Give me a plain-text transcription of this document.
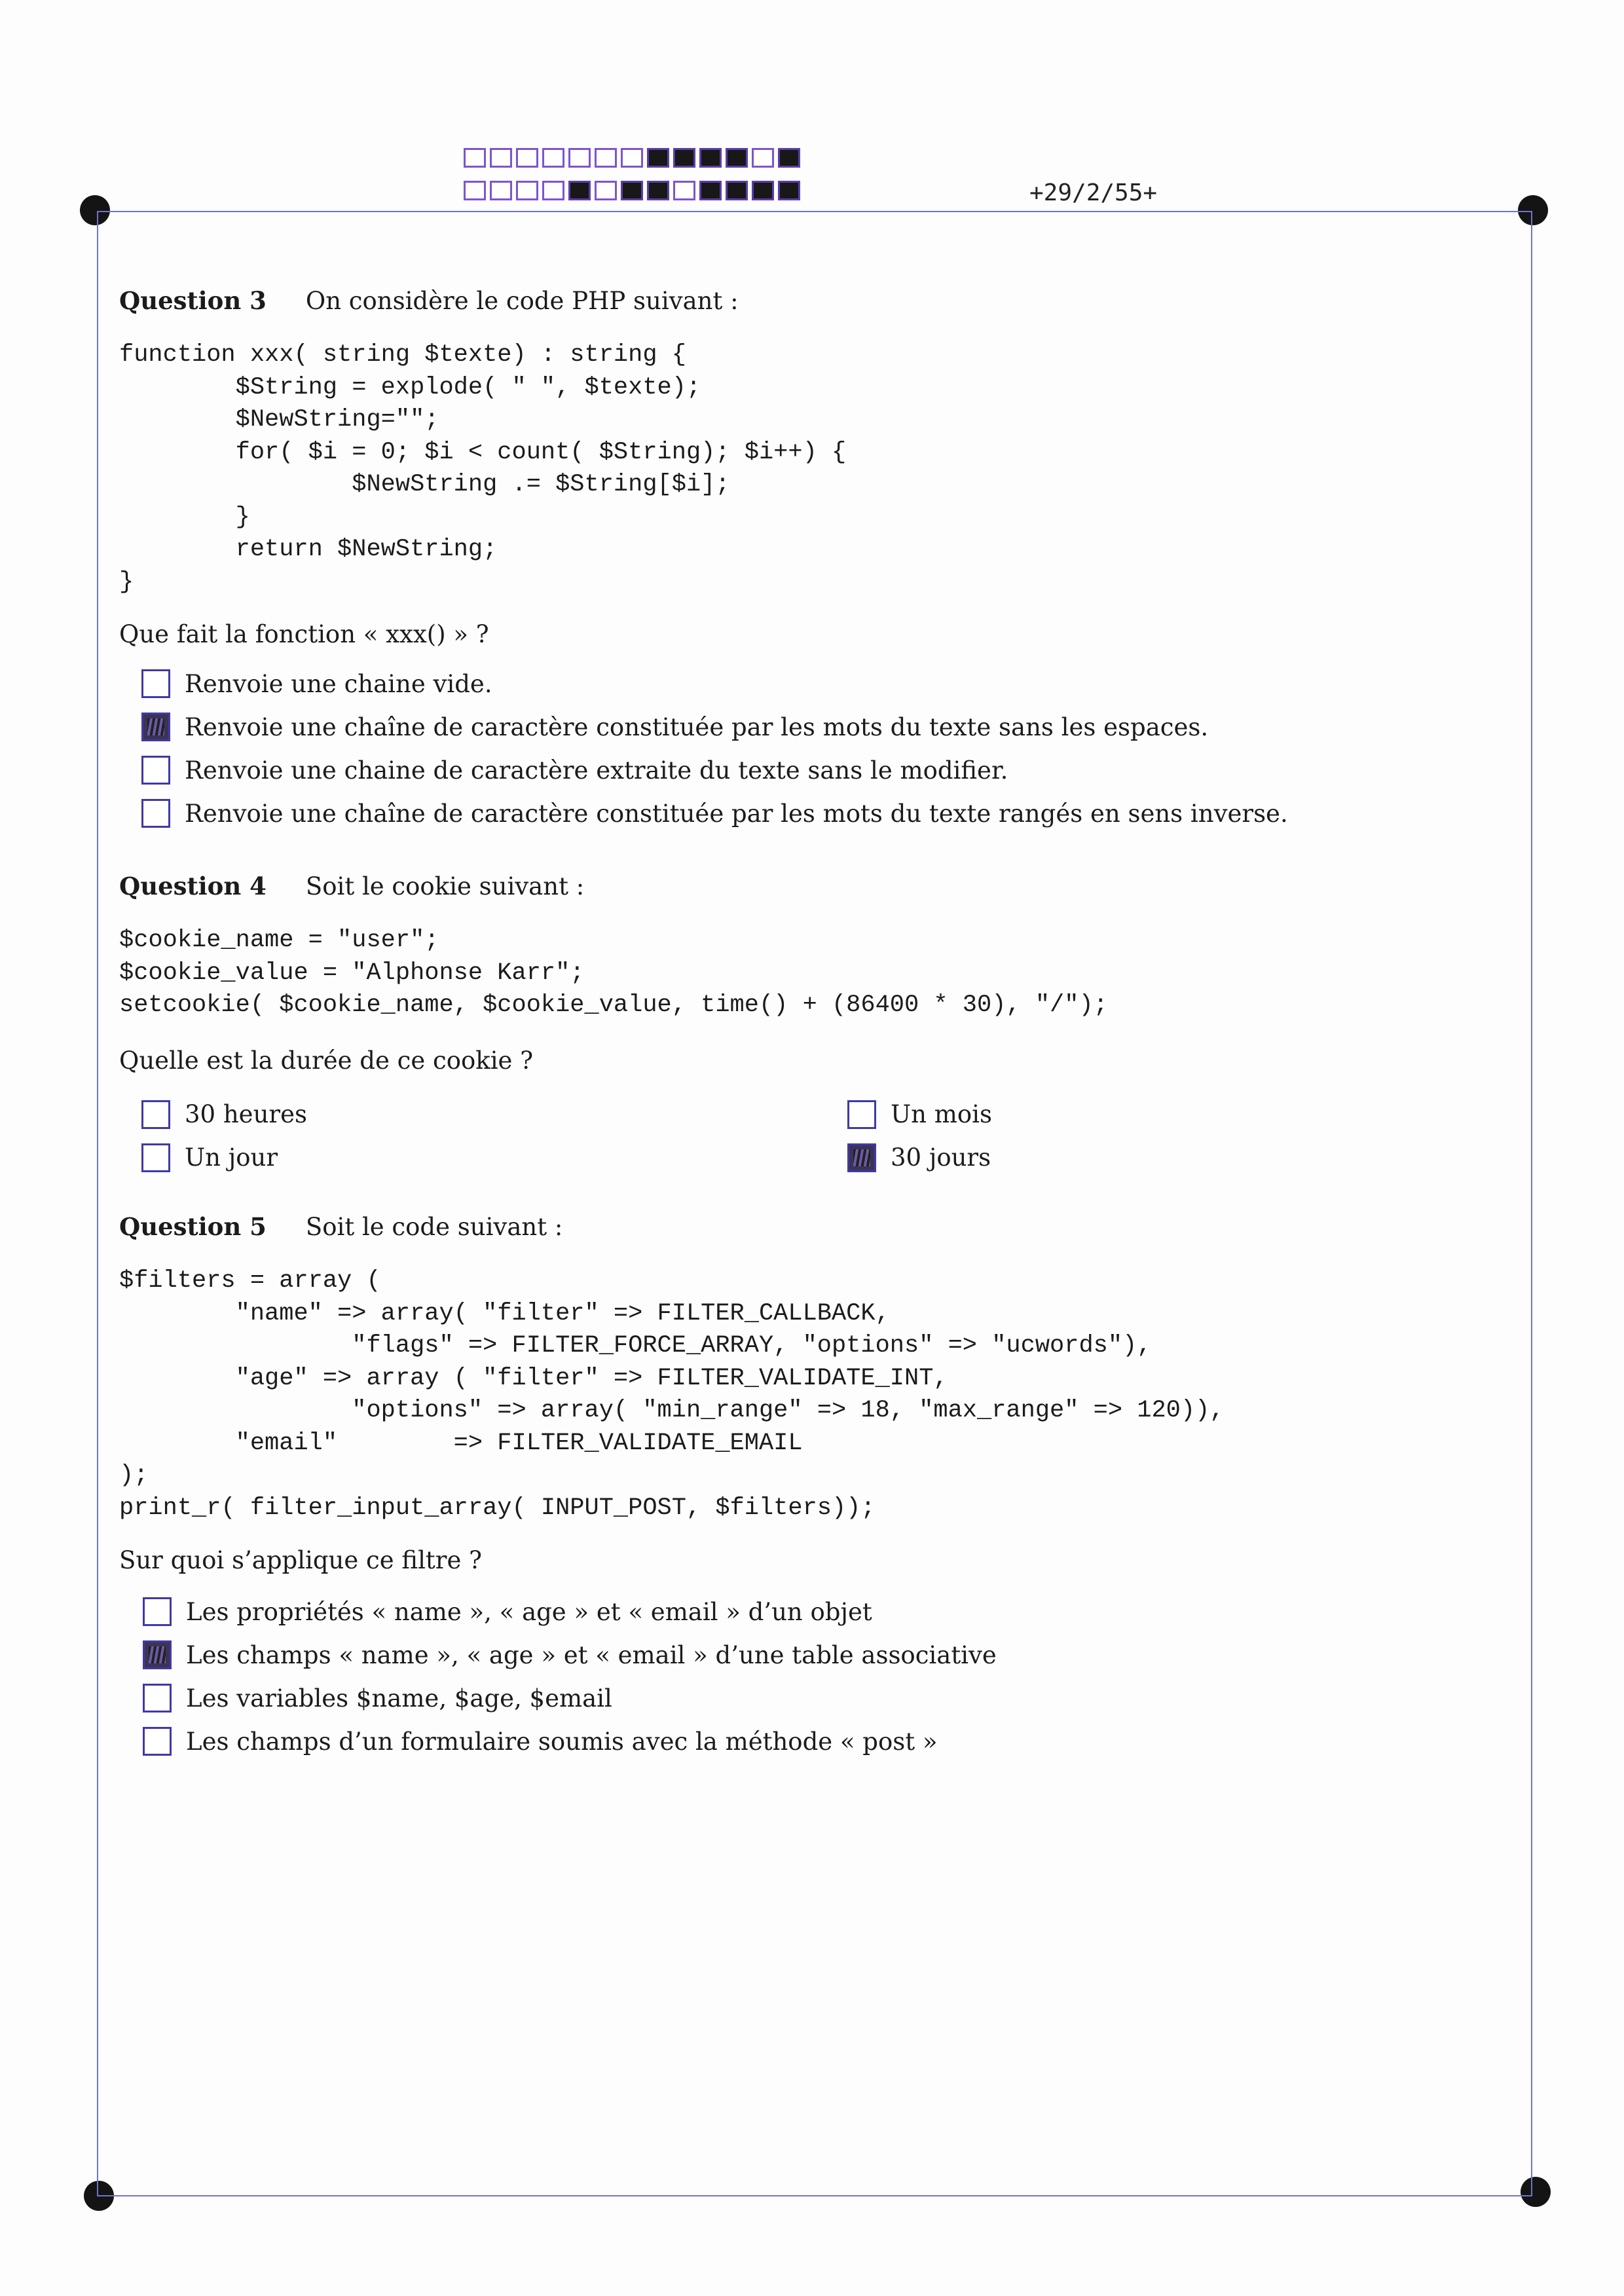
+29/2/55+
Question 3 On considère le code PHP suivant :
function xxx( string $texte) : string {
$String = explode( " ", $texte);
$NewString="";
for( $i = 0; $i < count( $String); $i++) {
$NewString .= $String[$i];
}
return $NewString;
}
Que fait la fonction « xxx() » ?
Renvoie une chaine vide.
Renvoie une chaîne de caractère constituée par les mots du texte sans les espaces.
Renvoie une chaine de caractère extraite du texte sans le modifier.
Renvoie une chaîne de caractère constituée par les mots du texte rangés en sens inverse.
Question 4 Soit le cookie suivant :
$cookie_name = "user";
$cookie_value = "Alphonse Karr";
setcookie( $cookie_name, $cookie_value, time() + (86400 * 30), "/");
Quelle est la durée de ce cookie ?
30 heures	Un mois
Un jour	30 jours
Question 5 Soit le code suivant :
$filters = array (
"name" => array( "filter" => FILTER_CALLBACK,
"flags" => FILTER_FORCE_ARRAY, "options" => "ucwords"),
"age" => array ( "filter" => FILTER_VALIDATE_INT,
"options" => array( "min_range" => 18, "max_range" => 120)),
"email"        => FILTER_VALIDATE_EMAIL
);
print_r( filter_input_array( INPUT_POST, $filters));
Sur quoi s’applique ce filtre ?
Les propriétés « name », « age » et « email » d’un objet
Les champs « name », « age » et « email » d’une table associative
Les variables $name, $age, $email
Les champs d’un formulaire soumis avec la méthode « post »
